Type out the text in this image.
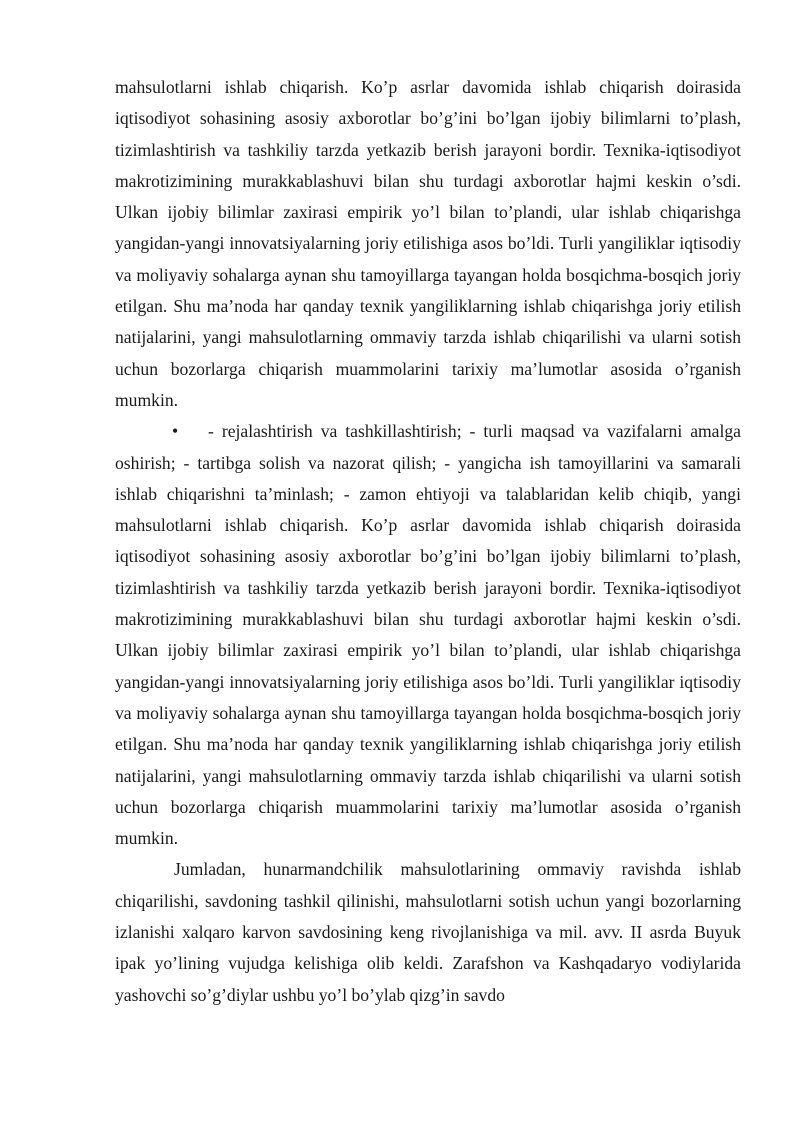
mahsulotlarni ishlab chiqarish. Ko’p asrlar davomida ishlab chiqarish doirasida iqtisodiyot sohasining asosiy axborotlar bo’g’ini bo’lgan ijobiy bilimlarni to’plash, tizimlashtirish va tashkiliy tarzda yetkazib berish jarayoni bordir. Texnika-iqtisodiyot makrotizimining murakkablashuvi bilan shu turdagi axborotlar hajmi keskin o’sdi. Ulkan ijobiy bilimlar zaxirasi empirik yo’l bilan to’plandi, ular ishlab chiqarishga yangidan-yangi innovatsiyalarning joriy etilishiga asos bo’ldi. Turli yangiliklar iqtisodiy va moliyaviy sohalarga aynan shu tamoyillarga tayangan holda bosqichma-bosqich joriy etilgan. Shu ma’noda har qanday texnik yangiliklarning ishlab chiqarishga joriy etilish natijalarini, yangi mahsulotlarning ommaviy tarzda ishlab chiqarilishi va ularni sotish uchun bozorlarga chiqarish muammolarini tarixiy ma’lumotlar asosida o’rganish mumkin.

• - rejalashtirish va tashkillashtirish; - turli maqsad va vazifalarni amalga oshirish; - tartibga solish va nazorat qilish; - yangicha ish tamoyillarini va samarali ishlab chiqarishni ta’minlash; - zamon ehtiyoji va talablaridan kelib chiqib, yangi mahsulotlarni ishlab chiqarish. Ko’p asrlar davomida ishlab chiqarish doirasida iqtisodiyot sohasining asosiy axborotlar bo’g’ini bo’lgan ijobiy bilimlarni to’plash, tizimlashtirish va tashkiliy tarzda yetkazib berish jarayoni bordir. Texnika-iqtisodiyot makrotizimining murakkablashuvi bilan shu turdagi axborotlar hajmi keskin o’sdi. Ulkan ijobiy bilimlar zaxirasi empirik yo’l bilan to’plandi, ular ishlab chiqarishga yangidan-yangi innovatsiyalarning joriy etilishiga asos bo’ldi. Turli yangiliklar iqtisodiy va moliyaviy sohalarga aynan shu tamoyillarga tayangan holda bosqichma-bosqich joriy etilgan. Shu ma’noda har qanday texnik yangiliklarning ishlab chiqarishga joriy etilish natijalarini, yangi mahsulotlarning ommaviy tarzda ishlab chiqarilishi va ularni sotish uchun bozorlarga chiqarish muammolarini tarixiy ma’lumotlar asosida o’rganish mumkin.

Jumladan, hunarmandchilik mahsulotlarining ommaviy ravishda ishlab chiqarilishi, savdoning tashkil qilinishi, mahsulotlarni sotish uchun yangi bozorlarning izlanishi xalqaro karvon savdosining keng rivojlanishiga va mil. avv. II asrda Buyuk ipak yo’lining vujudga kelishiga olib keldi. Zarafshon va Kashqadaryo vodiylarida yashovchi so’g’diylar ushbu yo’l bo’ylab qizg’in savdo
